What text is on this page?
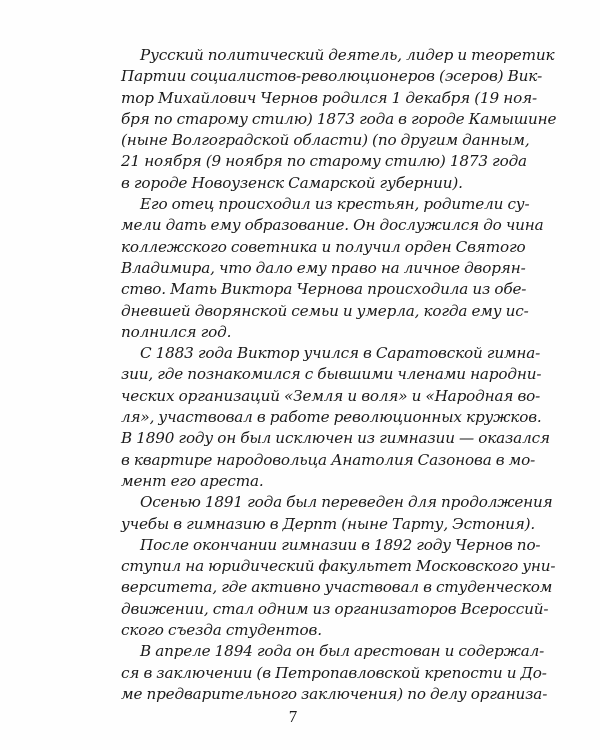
Русский политический деятель, лидер и теоретик
Партии социалистов-революционеров (эсеров) Вик-
тор Михайлович Чернов родился 1 декабря (19 ноя-
бря по старому стилю) 1873 года в городе Камышине
(ныне Волгоградской области) (по другим данным,
21 ноября (9 ноября по старому стилю) 1873 года
в городе Новоузенск Самарской губернии).
Его отец происходил из крестьян, родители су-
мели дать ему образование. Он дослужился до чина
коллежского советника и получил орден Святого
Владимира, что дало ему право на личное дворян-
ство. Мать Виктора Чернова происходила из обе-
дневшей дворянской семьи и умерла, когда ему ис-
полнился год.
С 1883 года Виктор учился в Саратовской гимна-
зии, где познакомился с бывшими членами народни-
ческих организаций «Земля и воля» и «Народная во-
ля», участвовал в работе революционных кружков.
В 1890 году он был исключен из гимназии — оказался
в квартире народовольца Анатолия Сазонова в мо-
мент его ареста.
Осенью 1891 года был переведен для продолжения
учебы в гимназию в Дерпт (ныне Тарту, Эстония).
После окончании гимназии в 1892 году Чернов по-
ступил на юридический факультет Московского уни-
верситета, где активно участвовал в студенческом
движении, стал одним из организаторов Всероссий-
ского съезда студентов.
В апреле 1894 года он был арестован и содержал-
ся в заключении (в Петропавловской крепости и До-
ме предварительного заключения) по делу организа-
7
